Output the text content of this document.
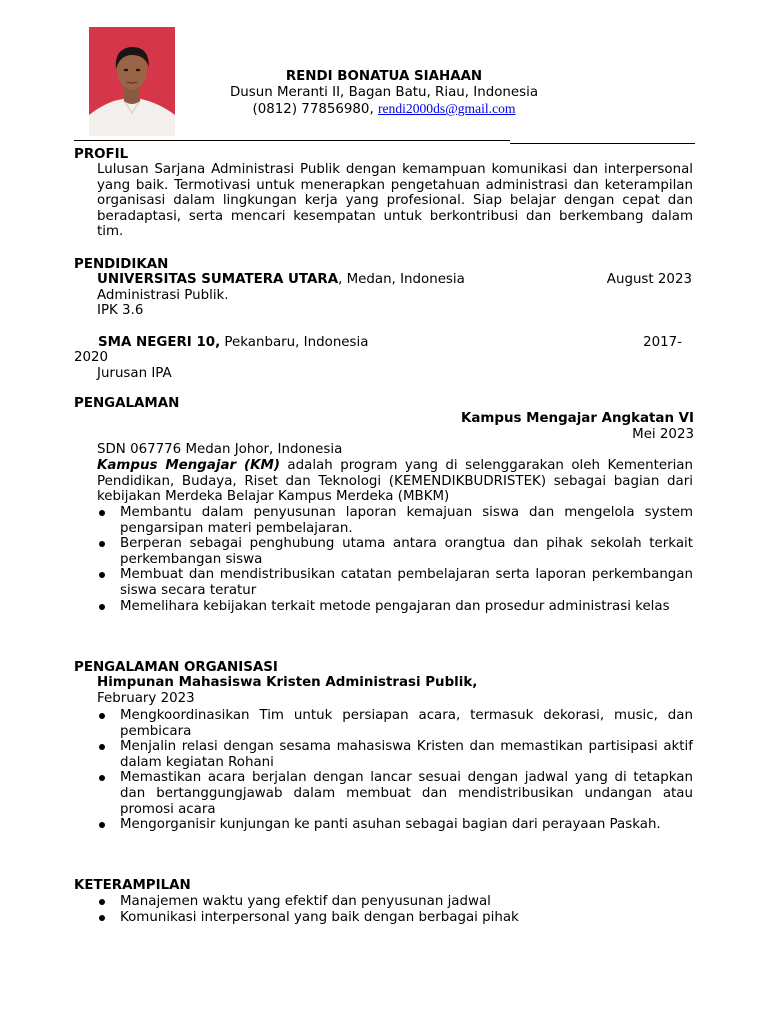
RENDI BONATUA SIAHAAN
Dusun Meranti II, Bagan Batu, Riau, Indonesia
(0812) 77856980, rendi2000ds@gmail.com
PROFIL
Lulusan Sarjana Administrasi Publik dengan kemampuan komunikasi dan interpersonal yang baik. Termotivasi untuk menerapkan pengetahuan administrasi dan keterampilan organisasi dalam lingkungan kerja yang profesional. Siap belajar dengan cepat dan beradaptasi, serta mencari kesempatan untuk berkontribusi dan berkembang dalam tim.
PENDIDIKAN
UNIVERSITAS SUMATERA UTARA, Medan, Indonesia	August 2023
Administrasi Publik.
IPK 3.6
SMA NEGERI 10, Pekanbaru, Indonesia	2017-
2020
Jurusan IPA
PENGALAMAN
Kampus Mengajar Angkatan VI
Mei 2023
SDN 067776 Medan Johor, Indonesia
Kampus Mengajar (KM) adalah program yang di selenggarakan oleh Kementerian Pendidikan, Budaya, Riset dan Teknologi (KEMENDIKBUDRISTEK) sebagai bagian dari kebijakan Merdeka Belajar Kampus Merdeka (MBKM)
Membantu dalam penyusunan laporan kemajuan siswa dan mengelola system pengarsipan materi pembelajaran.
Berperan sebagai penghubung utama antara orangtua dan pihak sekolah terkait perkembangan siswa
Membuat dan mendistribusikan catatan pembelajaran serta laporan perkembangan siswa secara teratur
Memelihara kebijakan terkait metode pengajaran dan prosedur administrasi kelas
PENGALAMAN ORGANISASI
Himpunan Mahasiswa Kristen Administrasi Publik,
February 2023
Mengkoordinasikan Tim untuk persiapan acara, termasuk dekorasi, music, dan pembicara
Menjalin relasi dengan sesama mahasiswa Kristen dan memastikan partisipasi aktif dalam kegiatan Rohani
Memastikan acara berjalan dengan lancar sesuai dengan jadwal yang di tetapkan dan bertanggungjawab dalam membuat dan mendistribusikan undangan atau promosi acara
Mengorganisir kunjungan ke panti asuhan sebagai bagian dari perayaan Paskah.
KETERAMPILAN
Manajemen waktu yang efektif dan penyusunan jadwal
Komunikasi interpersonal yang baik dengan berbagai pihak
